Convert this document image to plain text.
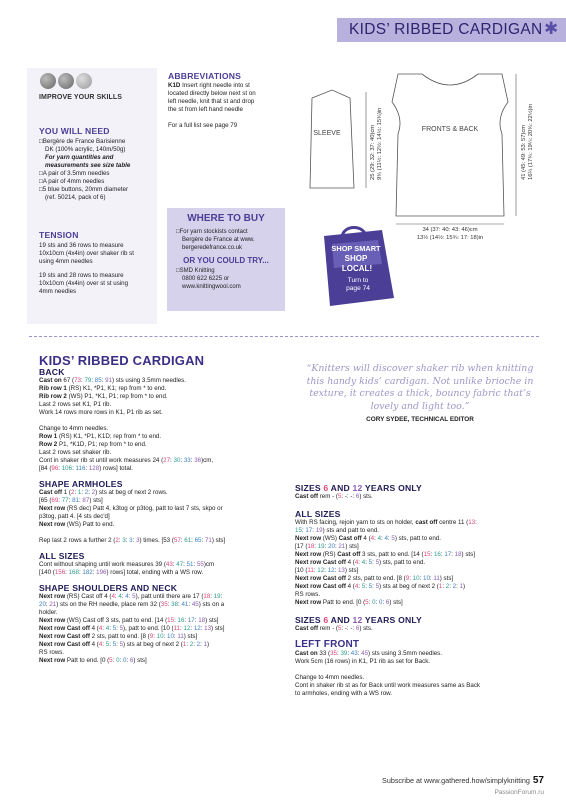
KIDS’ RIBBED CARDIGAN ✱
IMPROVE YOUR SKILLS
YOU WILL NEED
□Bergère de France Barisienne
DK (100% acrylic, 140m/50g)
For yarn quantities and
measurements see size table
□A pair of 3.5mm needles
□A pair of 4mm needles
□5 blue buttons, 20mm diameter
(ref. 50214, pack of 6)
TENSION
19 sts and 36 rows to measure
10x10cm (4x4in) over shaker rib st
using 4mm needles
19 sts and 28 rows to measure
10x10cm (4x4in) over st st using
4mm needles
ABBREVIATIONS
K1D Insert right needle into st
located directly below next st on
left needle, knit that st and drop
the st from left hand needle
For a full list see page 79
WHERE TO BUY
□For yarn stockists contact
Bergère de France at www.
bergeredefrance.co.uk
OR YOU COULD TRY...
□SMD Knitting
0800 622 6225 or
www.knittingwool.com
SHOP SMART
SHOP
LOCAL!
Turn to
page 74
SLEEVE
FRONTS & BACK
25 (29: 32: 37: 40)cm 9¾ (11½: 12½: 14½: 15¾)in	41 (45: 49: 53: 57)cm 16¼ (17¾: 19¼: 20¾: 22½)in
34 (37: 40: 43: 46)cm
13½ (14½: 15¾: 17: 18)in
KIDS’ RIBBED CARDIGAN
BACK

Cast on 67 (73: 79: 85: 91) sts using 3.5mm needles.

Rib row 1 (RS) K1, *P1, K1; rep from * to end.

Rib row 2 (WS) P1, *K1, P1; rep from * to end.

Last 2 rows set K1, P1 rib.

Work 14 rows more rows in K1, P1 rib as set.

Change to 4mm needles.

Row 1 (RS) K1, *P1, K1D; rep from * to end.

Row 2 P1, *K1D, P1; rep from * to end.

Last 2 rows set shaker rib.

Cont in shaker rib st until work measures 24 (27: 30: 33: 36)cm,

[84 (96: 106: 116: 128) rows] total.

SHAPE ARMHOLES

Cast off 1 (2: 1: 2: 2) sts at beg of next 2 rows.

[65 (69: 77: 81: 87) sts]

Next row (RS dec) Patt 4, k3tog or p3tog, patt to last 7 sts, skpo or

p3tog, patt 4. [4 sts dec'd]

Next row (WS) Patt to end.

Rep last 2 rows a further 2 (2: 3: 3: 3) times. [53 (57: 61: 65: 71) sts]

ALL SIZES

Cont without shaping until work measures 39 (43: 47: 51: 55)cm

[140 (156: 168: 182: 196) rows] total, ending with a WS row.

SHAPE SHOULDERS AND NECK

Next row (RS) Cast off 4 (4: 4: 4: 5), patt until there are 17 (18: 19:

20: 21) sts on the RH needle, place rem 32 (35: 38: 41: 45) sts on a

holder.

Next row (WS) Cast off 3 sts, patt to end. [14 (15: 16: 17: 18) sts]

Next row Cast off 4 (4: 4: 5: 5), patt to end. [10 (11: 12: 12: 13) sts]

Next row Cast off 2 sts, patt to end. [8 (9: 10: 10: 11) sts]

Next row Cast off 4 (4: 5: 5: 5) sts at beg of next 2 (1: 2: 2: 1)

RS rows.

Next row Patt to end. [0 (5: 0: 0: 6) sts]

“Knitters will discover shaker rib when knitting this handy kids’ cardigan. Not unlike brioche in texture, it creates a thick, bouncy fabric that’s lovely and light too.”
CORY SYDEE, TECHNICAL EDITOR
SIZES 6 AND 12 YEARS ONLY

Cast off rem - (5: -: -: 6) sts.

ALL SIZES

With RS facing, rejoin yarn to sts on holder, cast off centre 11 (13:

15: 17: 19) sts and patt to end.

Next row (WS) Cast off 4 (4: 4: 4: 5) sts, patt to end.

[17 (18: 19: 20: 21) sts]

Next row (RS) Cast off 3 sts, patt to end. [14 (15: 16: 17: 18) sts]

Next row Cast off 4 (4: 4: 5: 5) sts, patt to end.

[10 (11: 12: 12: 13) sts]

Next row Cast off 2 sts, patt to end. [8 (9: 10: 10: 11) sts]

Next row Cast off 4 (4: 5: 5: 5) sts at beg of next 2 (1: 2: 2: 1)

RS rows.

Next row Patt to end. [0 (5: 0: 0: 6) sts]

SIZES 6 AND 12 YEARS ONLY

Cast off rem - (5: -: -: 6) sts.

LEFT FRONT

Cast on 33 (35: 39: 43: 45) sts using 3.5mm needles.

Work 5cm (16 rows) in K1, P1 rib as set for Back.

Change to 4mm needles.

Cont in shaker rib st as for Back until work measures same as Back

to armholes, ending with a WS row.

Subscribe at www.gathered.how/simplyknitting 57
PassionForum.ru
